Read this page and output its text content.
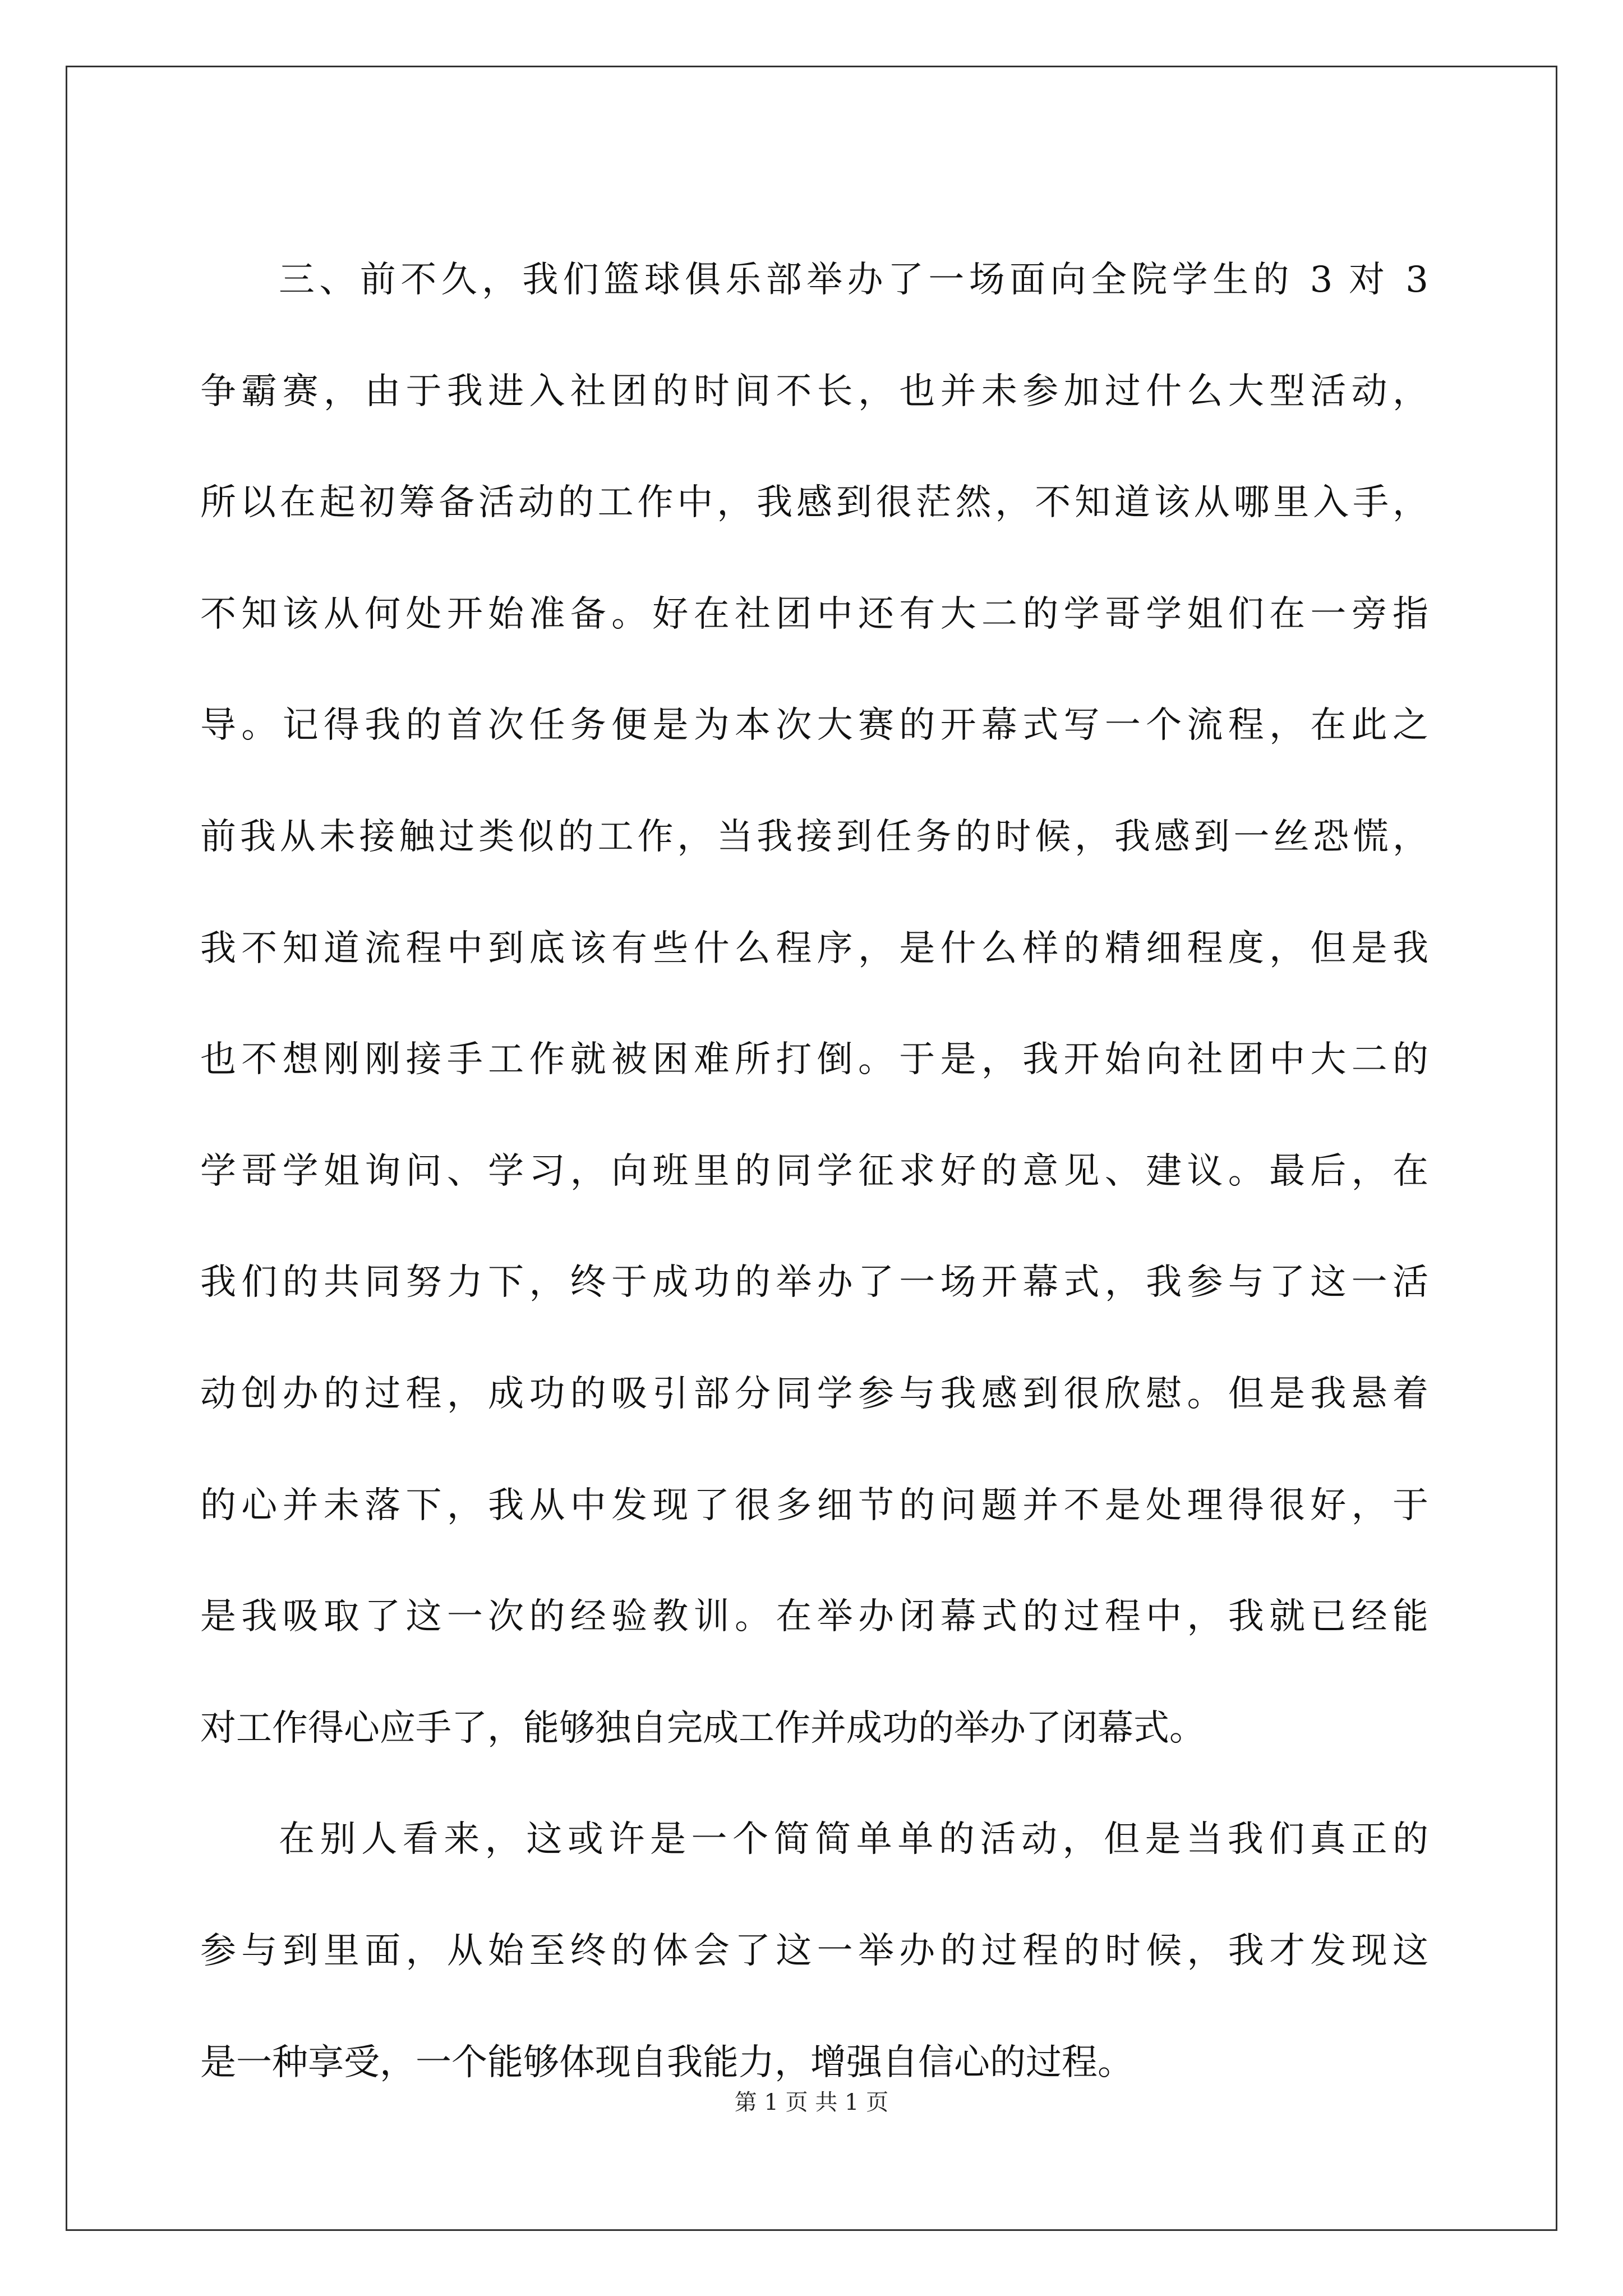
三、前不久，我们篮球俱乐部举办了一场面向全院学生的 3 对 3
争霸赛，由于我进入社团的时间不长，也并未参加过什么大型活动，
所以在起初筹备活动的工作中，我感到很茫然，不知道该从哪里入手，
不知该从何处开始准备。好在社团中还有大二的学哥学姐们在一旁指
导。记得我的首次任务便是为本次大赛的开幕式写一个流程，在此之
前我从未接触过类似的工作，当我接到任务的时候，我感到一丝恐慌，
我不知道流程中到底该有些什么程序，是什么样的精细程度，但是我
也不想刚刚接手工作就被困难所打倒。于是，我开始向社团中大二的
学哥学姐询问、学习，向班里的同学征求好的意见、建议。最后，在
我们的共同努力下，终于成功的举办了一场开幕式，我参与了这一活
动创办的过程，成功的吸引部分同学参与我感到很欣慰。但是我悬着
的心并未落下，我从中发现了很多细节的问题并不是处理得很好，于
是我吸取了这一次的经验教训。在举办闭幕式的过程中，我就已经能
对工作得心应手了，能够独自完成工作并成功的举办了闭幕式。
在别人看来，这或许是一个简简单单的活动，但是当我们真正的
参与到里面，从始至终的体会了这一举办的过程的时候，我才发现这
是一种享受，一个能够体现自我能力，增强自信心的过程。
第 1 页 共 1 页
